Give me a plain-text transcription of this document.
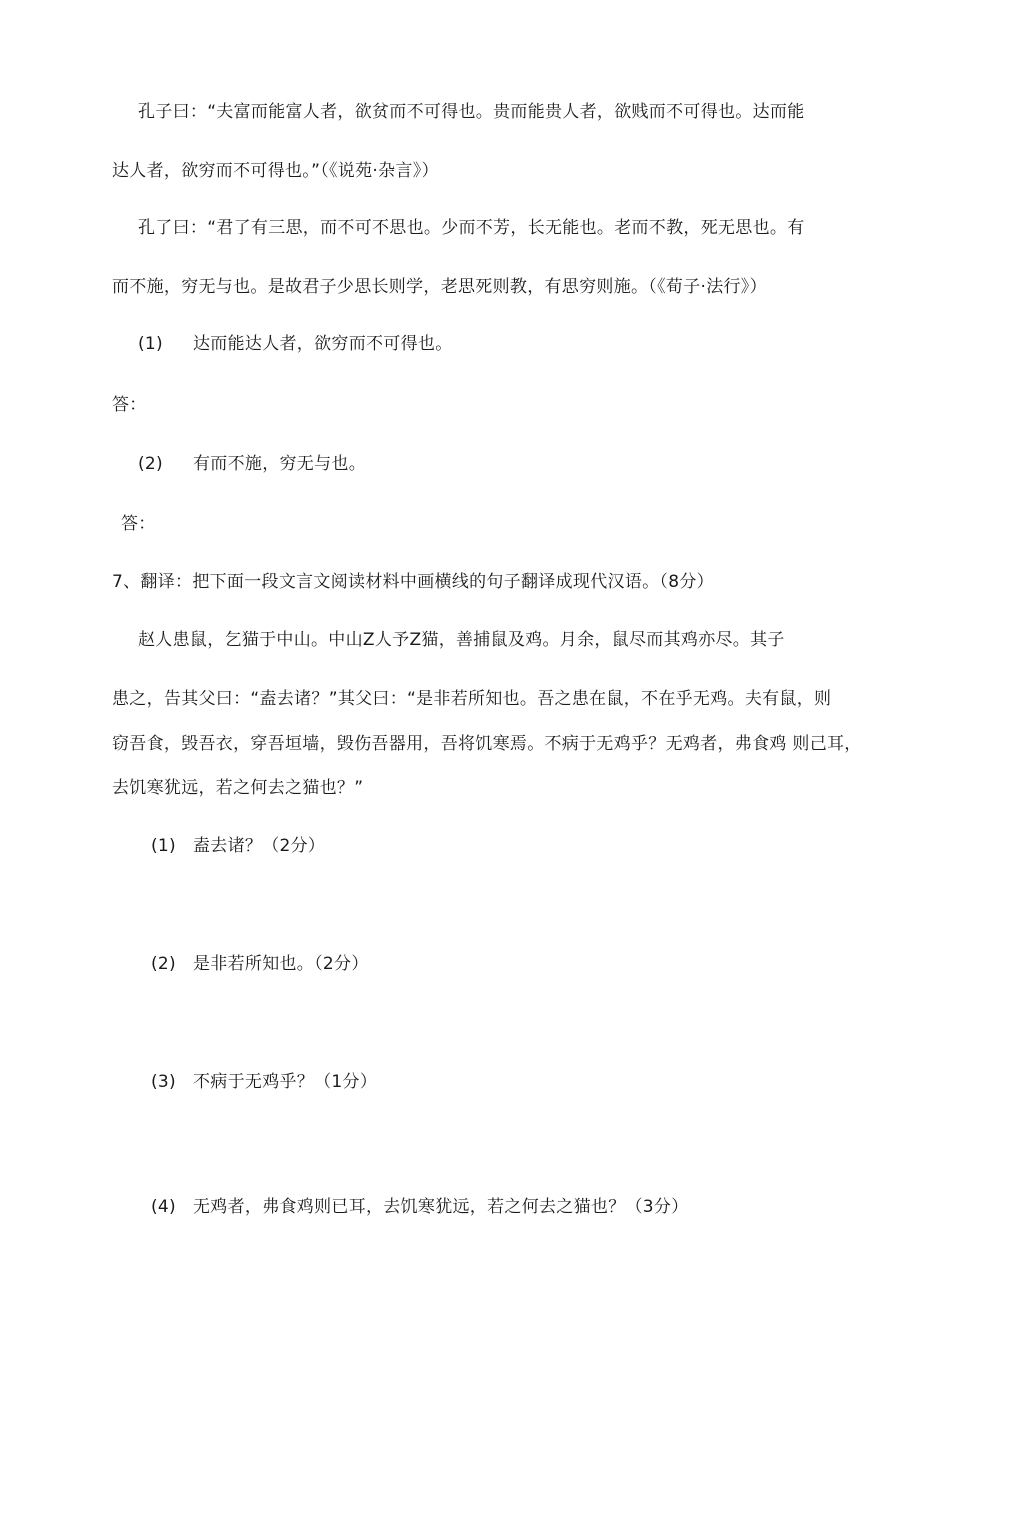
孔子曰：“夫富而能富人者，欲贫而不可得也。贵而能贵人者，欲贱而不可得也。达而能
达人者，欲穷而不可得也。”（《说苑·杂言》）
孔了曰：“君了有三思，而不可不思也。少而不芳，长无能也。老而不教，死无思也。有
而不施，穷无与也。是故君子少思长则学，老思死则教，有思穷则施。（《荀子·法行》）
(1) 达而能达人者，欲穷而不可得也。
答：
(2) 有而不施，穷无与也。
答：
7、翻译：把下面一段文言文阅读材料中画横线的句子翻译成现代汉语。（8分）
赵人患鼠，乞猫于中山。中山Z人予Z猫，善捕鼠及鸡。月余，鼠尽而其鸡亦尽。其子
患之，告其父曰：“盍去诸？”其父曰：“是非若所知也。吾之患在鼠，不在乎无鸡。夫有鼠，则
窃吾食，毁吾衣，穿吾垣墙，毁伤吾器用，吾将饥寒焉。不病于无鸡乎？无鸡者，弗食鸡 则己耳，
去饥寒犹远，若之何去之猫也？”
(1) 盍去诸？（2分）
(2) 是非若所知也。（2分）
(3) 不病于无鸡乎？（1分）
(4) 无鸡者，弗食鸡则已耳，去饥寒犹远，若之何去之猫也？（3分）
